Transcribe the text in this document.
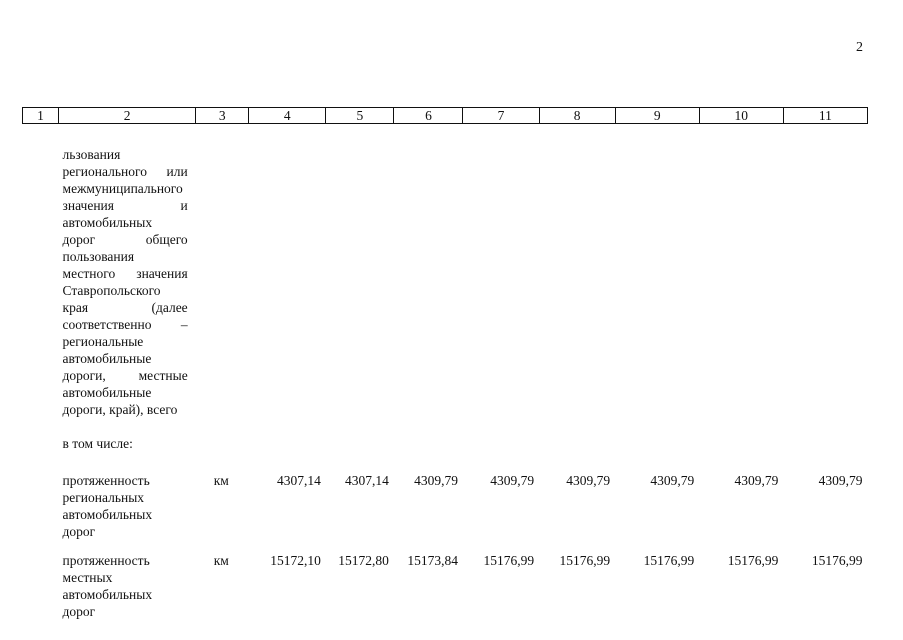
2
1	2	3	4	5	6	7	8	9	10	11
	льзования регионального или межмуниципального значения и автомобильных дорог общего пользования местного значения Ставропольского края (далее соответственно – региональные автомобильные дороги, местные автомобильные дороги, край), всего									
	в том числе:									
	протяженность региональных автомобильных дорог	км	4307,14	4307,14	4309,79	4309,79	4309,79	4309,79	4309,79	4309,79
	протяженность местных автомобильных дорог	км	15172,10	15172,80	15173,84	15176,99	15176,99	15176,99	15176,99	15176,99
